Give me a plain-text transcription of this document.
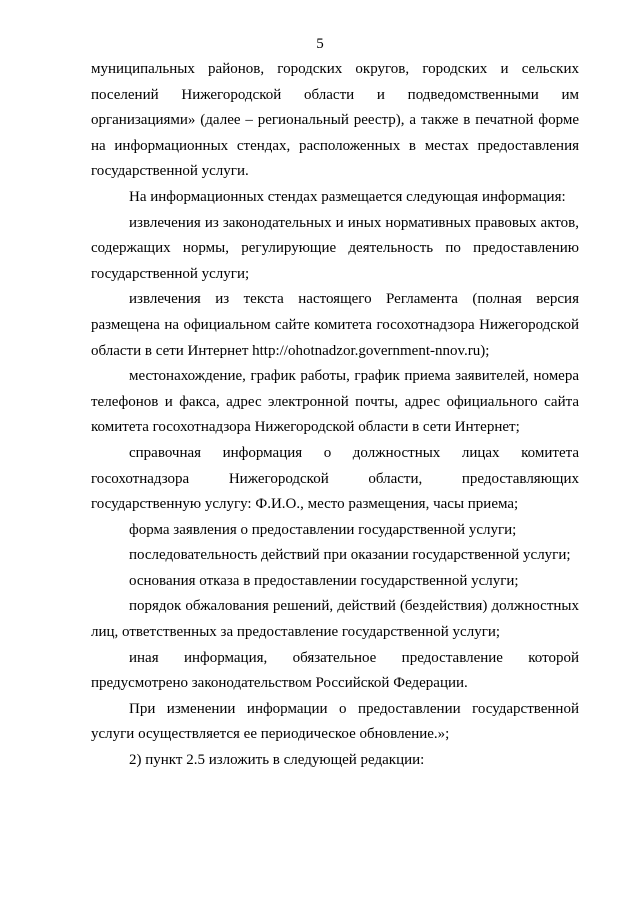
5

муниципальных районов, городских округов, городских и сельских поселений Нижегородской области и подведомственными им организациями» (далее – региональный реестр), а также в печатной форме на информационных стендах, расположенных в местах предоставления государственной услуги.

На информационных стендах размещается следующая информация:

извлечения из законодательных и иных нормативных правовых актов, содержащих нормы, регулирующие деятельность по предоставлению государственной услуги;

извлечения из текста настоящего Регламента (полная версия размещена на официальном сайте комитета госохотнадзора Нижегородской области в сети Интернет http://ohotnadzor.government-nnov.ru);

местонахождение, график работы, график приема заявителей, номера телефонов и факса, адрес электронной почты, адрес официального сайта комитета госохотнадзора Нижегородской области в сети Интернет;

справочная информация о должностных лицах комитета госохотнадзора Нижегородской области, предоставляющих государственную услугу: Ф.И.О., место размещения, часы приема;

форма заявления о предоставлении государственной услуги;

последовательность действий при оказании государственной услуги;

основания отказа в предоставлении государственной услуги;

порядок обжалования решений, действий (бездействия) должностных лиц, ответственных за предоставление государственной услуги;

иная информация, обязательное предоставление которой предусмотрено законодательством Российской Федерации.

При изменении информации о предоставлении государственной услуги осуществляется ее периодическое обновление.»;

2) пункт 2.5 изложить в следующей редакции:
